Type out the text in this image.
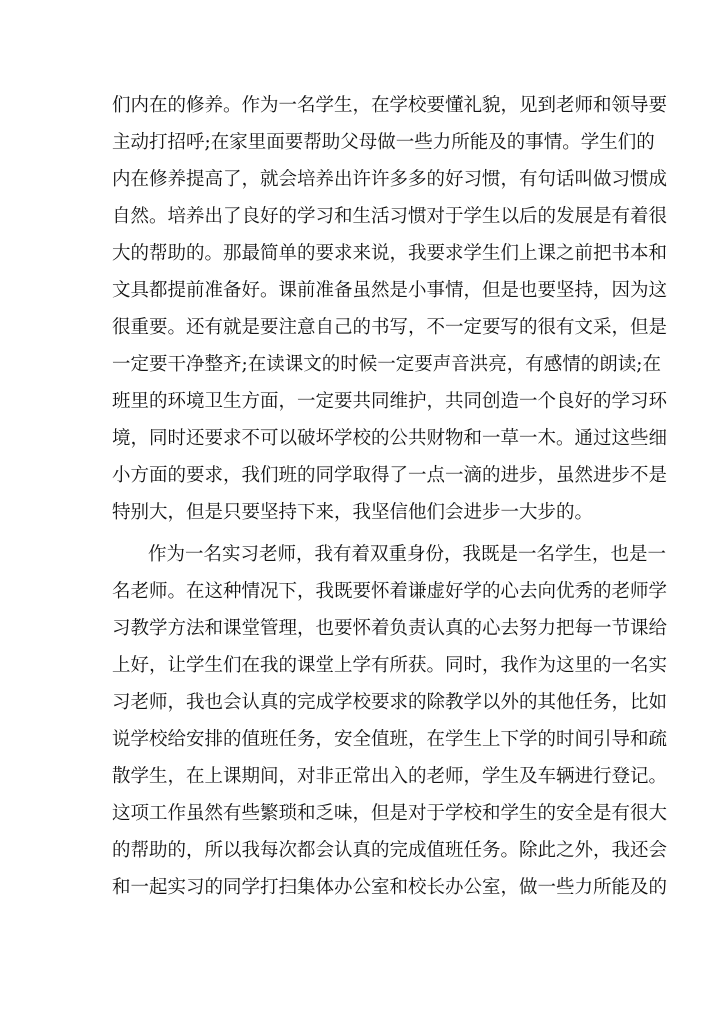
们内在的修养。作为一名学生，在学校要懂礼貌，见到老师和领导要
主动打招呼;在家里面要帮助父母做一些力所能及的事情。学生们的
内在修养提高了，就会培养出许许多多的好习惯，有句话叫做习惯成
自然。培养出了良好的学习和生活习惯对于学生以后的发展是有着很
大的帮助的。那最简单的要求来说，我要求学生们上课之前把书本和
文具都提前准备好。课前准备虽然是小事情，但是也要坚持，因为这
很重要。还有就是要注意自己的书写，不一定要写的很有文采，但是
一定要干净整齐;在读课文的时候一定要声音洪亮，有感情的朗读;在
班里的环境卫生方面，一定要共同维护，共同创造一个良好的学习环
境，同时还要求不可以破坏学校的公共财物和一草一木。通过这些细
小方面的要求，我们班的同学取得了一点一滴的进步，虽然进步不是
特别大，但是只要坚持下来，我坚信他们会进步一大步的。
作为一名实习老师，我有着双重身份，我既是一名学生，也是一
名老师。在这种情况下，我既要怀着谦虚好学的心去向优秀的老师学
习教学方法和课堂管理，也要怀着负责认真的心去努力把每一节课给
上好，让学生们在我的课堂上学有所获。同时，我作为这里的一名实
习老师，我也会认真的完成学校要求的除教学以外的其他任务，比如
说学校给安排的值班任务，安全值班，在学生上下学的时间引导和疏
散学生，在上课期间，对非正常出入的老师，学生及车辆进行登记。
这项工作虽然有些繁琐和乏味，但是对于学校和学生的安全是有很大
的帮助的，所以我每次都会认真的完成值班任务。除此之外，我还会
和一起实习的同学打扫集体办公室和校长办公室，做一些力所能及的
